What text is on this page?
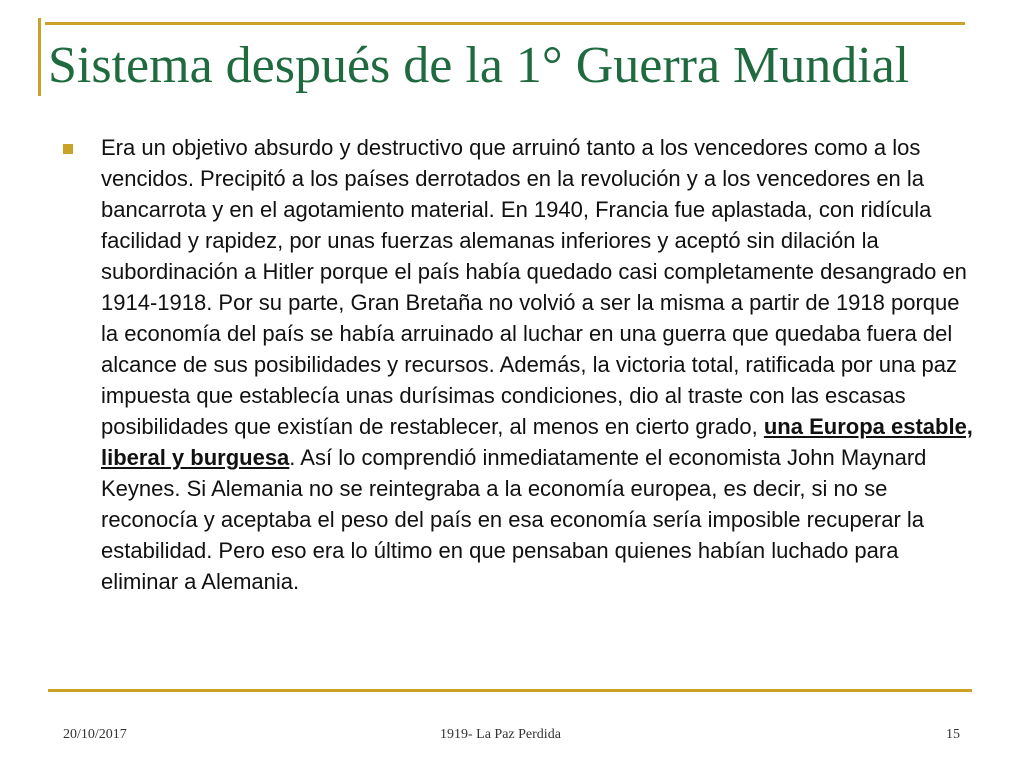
Sistema después de la 1° Guerra Mundial

Era un objetivo absurdo y destructivo que arruinó tanto a los vencedores como a los vencidos. Precipitó a los países derrotados en la revolución y a los vencedores en la bancarrota y en el agotamiento material. En 1940, Francia fue aplastada, con ridícula facilidad y rapidez, por unas fuerzas alemanas inferiores y aceptó sin dilación la subordinación a Hitler porque el país había quedado casi completamente desangrado en 1914-1918. Por su parte, Gran Bretaña no volvió a ser la misma a partir de 1918 porque la economía del país se había arruinado al luchar en una guerra que quedaba fuera del alcance de sus posibilidades y recursos. Además, la victoria total, ratificada por una paz impuesta que establecía unas durísimas condiciones, dio al traste con las escasas posibilidades que existían de restablecer, al menos en cierto grado, una Europa estable, liberal y burguesa. Así lo comprendió inmediatamente el economista John Maynard Keynes. Si Alemania no se reintegraba a la economía europea, es decir, si no se reconocía y aceptaba el peso del país en esa economía sería imposible recuperar la estabilidad. Pero eso era lo último en que pensaban quienes habían luchado para eliminar a Alemania.

20/10/2017	1919- La Paz Perdida	15
